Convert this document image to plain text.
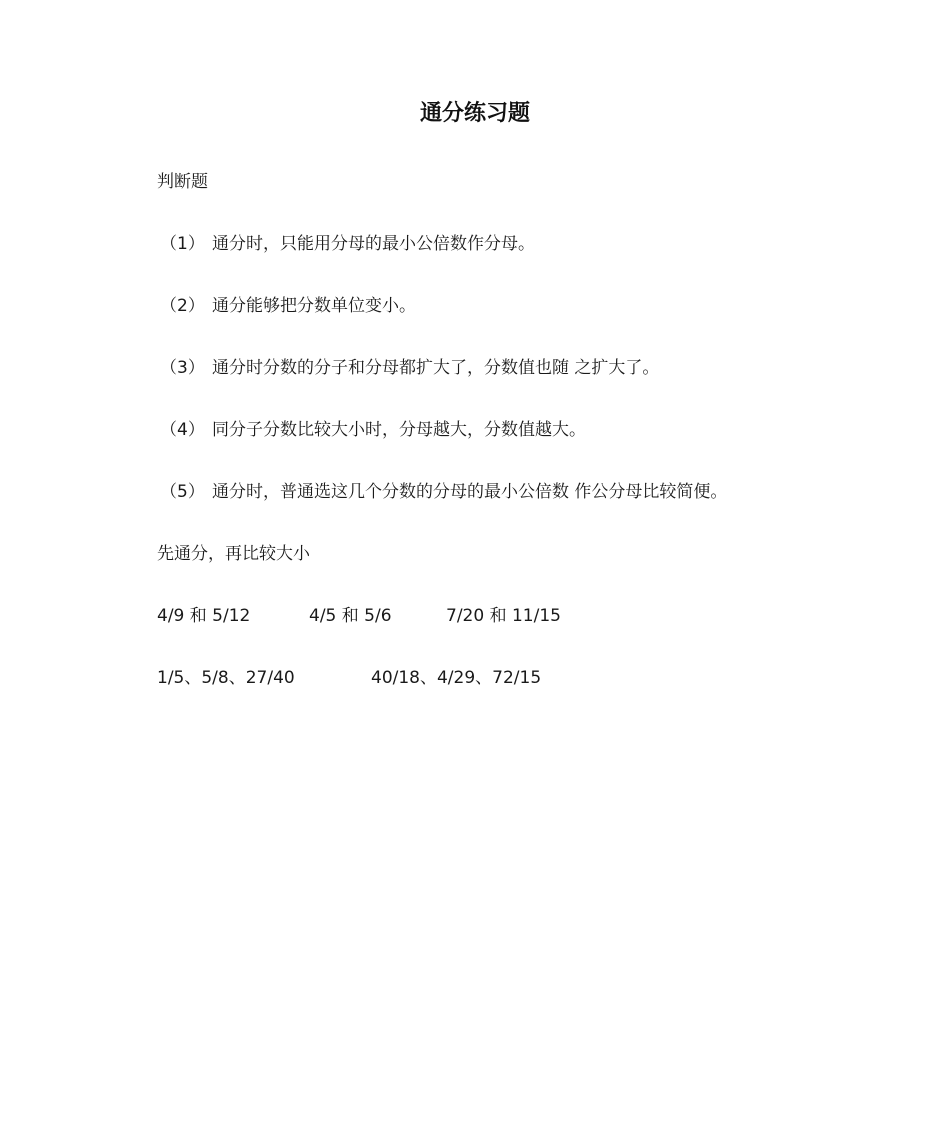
通分练习题
判断题
（1） 通分时，只能用分母的最小公倍数作分母。
（2） 通分能够把分数单位变小。
（3） 通分时分数的分子和分母都扩大了，分数值也随 之扩大了。
（4） 同分子分数比较大小时，分母越大，分数值越大。
（5） 通分时，普通选这几个分数的分母的最小公倍数 作公分母比较简便。
先通分，再比较大小
4/9 和 5/12	4/5 和 5/6	7/20 和 11/15
1/5、5/8、27/40	40/18、4/29、72/15
